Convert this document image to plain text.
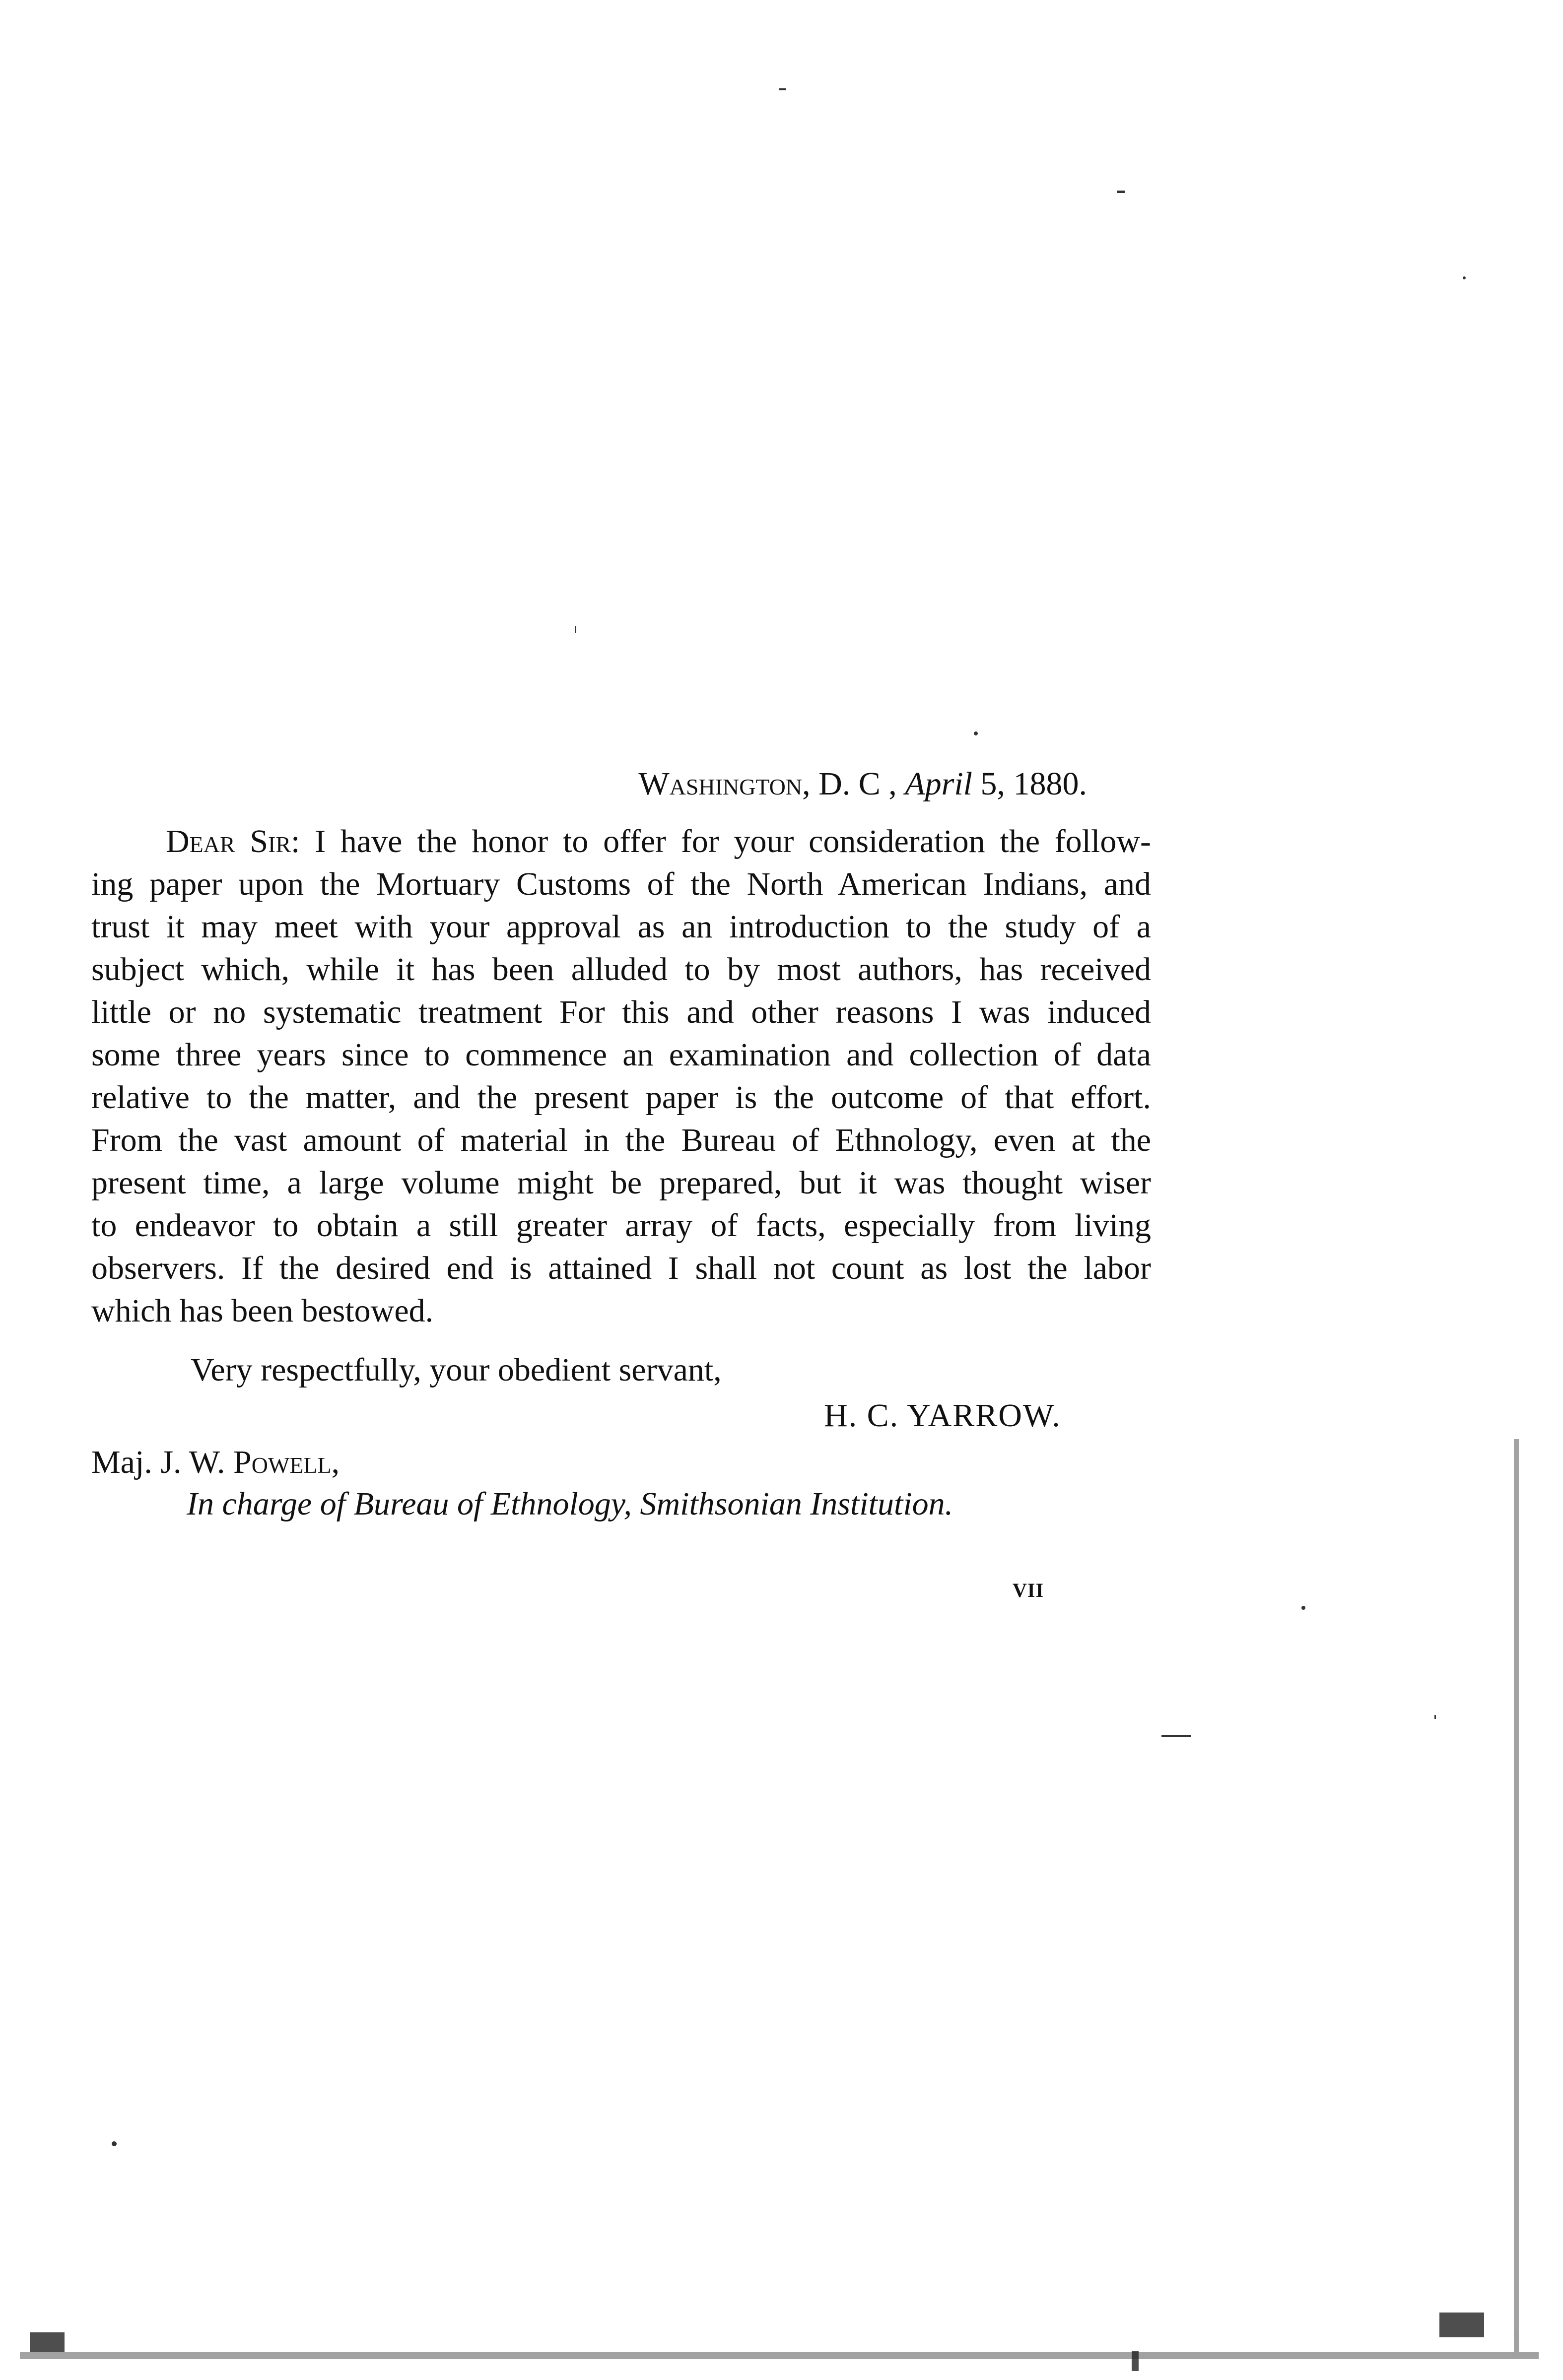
Washington, D. C , April 5, 1880.
Dear Sir: I have the honor to offer for your consideration the follow-
ing paper upon the Mortuary Customs of the North American Indians, and
trust it may meet with your approval as an introduction to the study of a
subject which, while it has been alluded to by most authors, has received
little or no systematic treatment For this and other reasons I was induced
some three years since to commence an examination and collection of data
relative to the matter, and the present paper is the outcome of that effort.
From the vast amount of material in the Bureau of Ethnology, even at the
present time, a large volume might be prepared, but it was thought wiser
to endeavor to obtain a still greater array of facts, especially from living
observers. If the desired end is attained I shall not count as lost the labor
which has been bestowed.
Very respectfully, your obedient servant,
H. C. YARROW.
Maj. J. W. Powell,
In charge of Bureau of Ethnology, Smithsonian Institution.
VII
